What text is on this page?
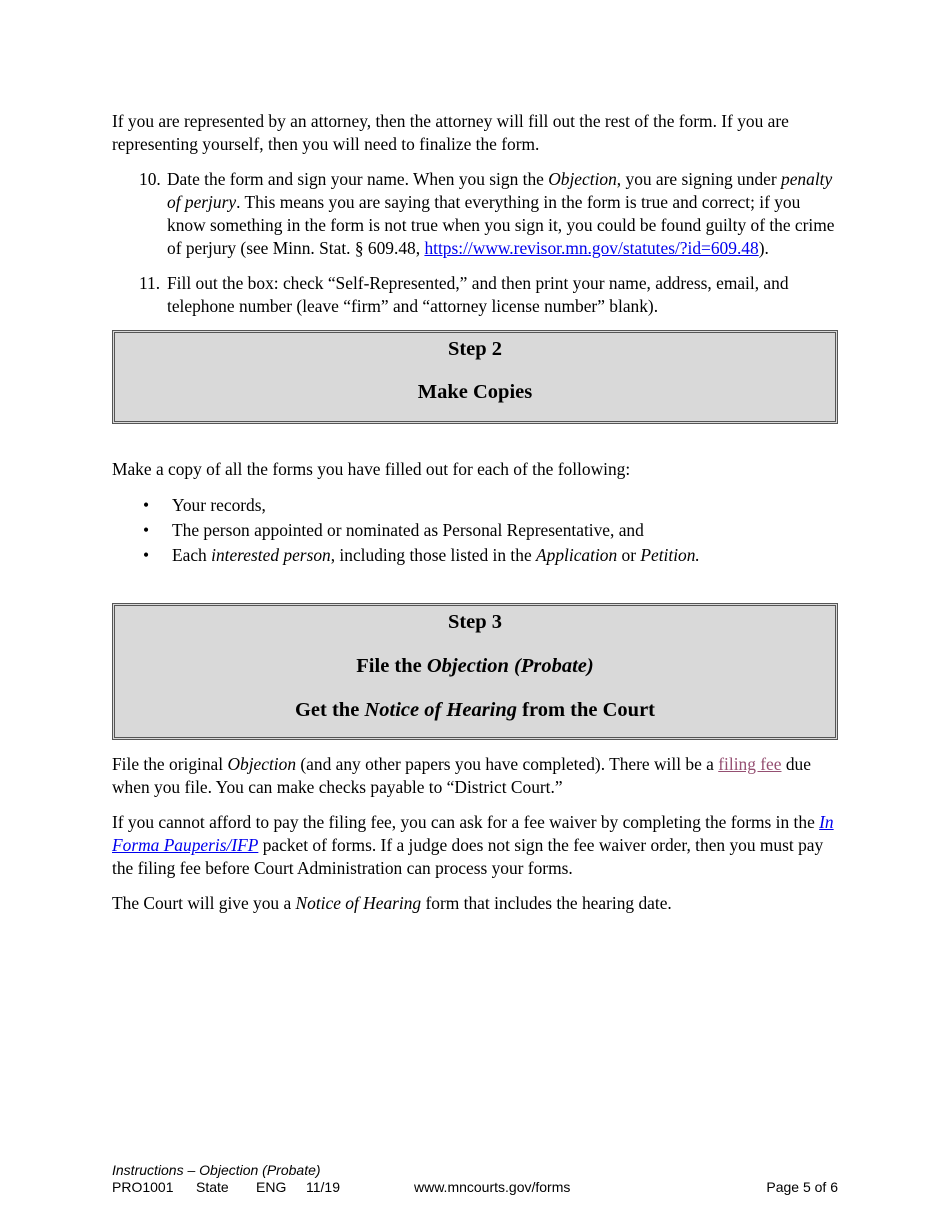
If you are represented by an attorney, then the attorney will fill out the rest of the form. If you are representing yourself, then you will need to finalize the form.

10. Date the form and sign your name. When you sign the Objection, you are signing under penalty of perjury. This means you are saying that everything in the form is true and correct; if you know something in the form is not true when you sign it, you could be found guilty of the crime of perjury (see Minn. Stat. § 609.48, https://www.revisor.mn.gov/statutes/?id=609.48).
11. Fill out the box: check “Self-Represented,” and then print your name, address, email, and telephone number (leave “firm” and “attorney license number” blank).
Step 2
Make Copies

Make a copy of all the forms you have filled out for each of the following:

• Your records,
• The person appointed or nominated as Personal Representative, and
• Each interested person, including those listed in the Application or Petition.
Step 3
File the Objection (Probate)
Get the Notice of Hearing from the Court

File the original Objection (and any other papers you have completed). There will be a filing fee due when you file. You can make checks payable to “District Court.”

If you cannot afford to pay the filing fee, you can ask for a fee waiver by completing the forms in the In Forma Pauperis/IFP packet of forms. If a judge does not sign the fee waiver order, then you must pay the filing fee before Court Administration can process your forms.

The Court will give you a Notice of Hearing form that includes the hearing date.

Instructions – Objection (Probate)
PRO1001 State ENG 11/19	www.mncourts.gov/forms	Page 5 of 6
